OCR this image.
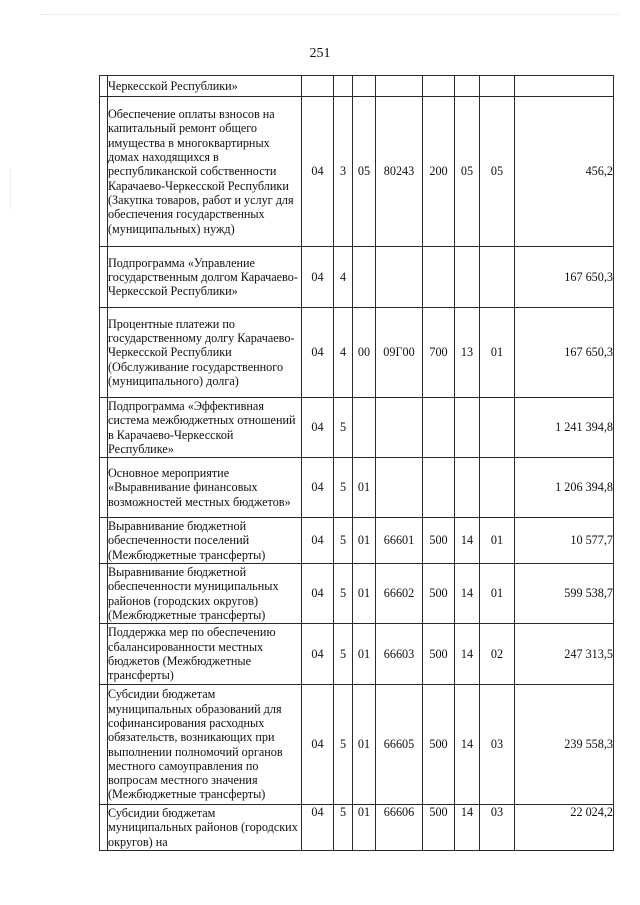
251
	Черкесской Республики»								
	Обеспечение оплаты взносов на капитальный ремонт общего имущества в многоквартирных домах находящихся в республиканской собственности Карачаево-Черкесской Республики (Закупка товаров, работ и услуг для обеспечения государственных (муниципальных) нужд)	04	3	05	80243	200	05	05	456,2
	Подпрограмма «Управление государственным долгом Карачаево-Черкесской Республики»	04	4						167 650,3
	Процентные платежи по государственному долгу Карачаево-Черкесской Республики (Обслуживание государственного (муниципального) долга)	04	4	00	09Г00	700	13	01	167 650,3
	Подпрограмма «Эффективная система межбюджетных отношений в Карачаево-Черкесской Республике»	04	5						1 241 394,8
	Основное мероприятие «Выравнивание финансовых возможностей местных бюджетов»	04	5	01					1 206 394,8
	Выравнивание бюджетной обеспеченности поселений (Межбюджетные трансферты)	04	5	01	66601	500	14	01	10 577,7
	Выравнивание бюджетной обеспеченности муниципальных районов (городских округов) (Межбюджетные трансферты)	04	5	01	66602	500	14	01	599 538,7
	Поддержка мер по обеспечению сбалансированности местных бюджетов (Межбюджетные трансферты)	04	5	01	66603	500	14	02	247 313,5
	Субсидии бюджетам муниципальных образований для софинансирования расходных обязательств, возникающих при выполнении полномочий органов местного самоуправления по вопросам местного значения (Межбюджетные трансферты)	04	5	01	66605	500	14	03	239 558,3
	Субсидии бюджетам муниципальных районов (городских округов) на	04	5	01	66606	500	14	03	22 024,2
